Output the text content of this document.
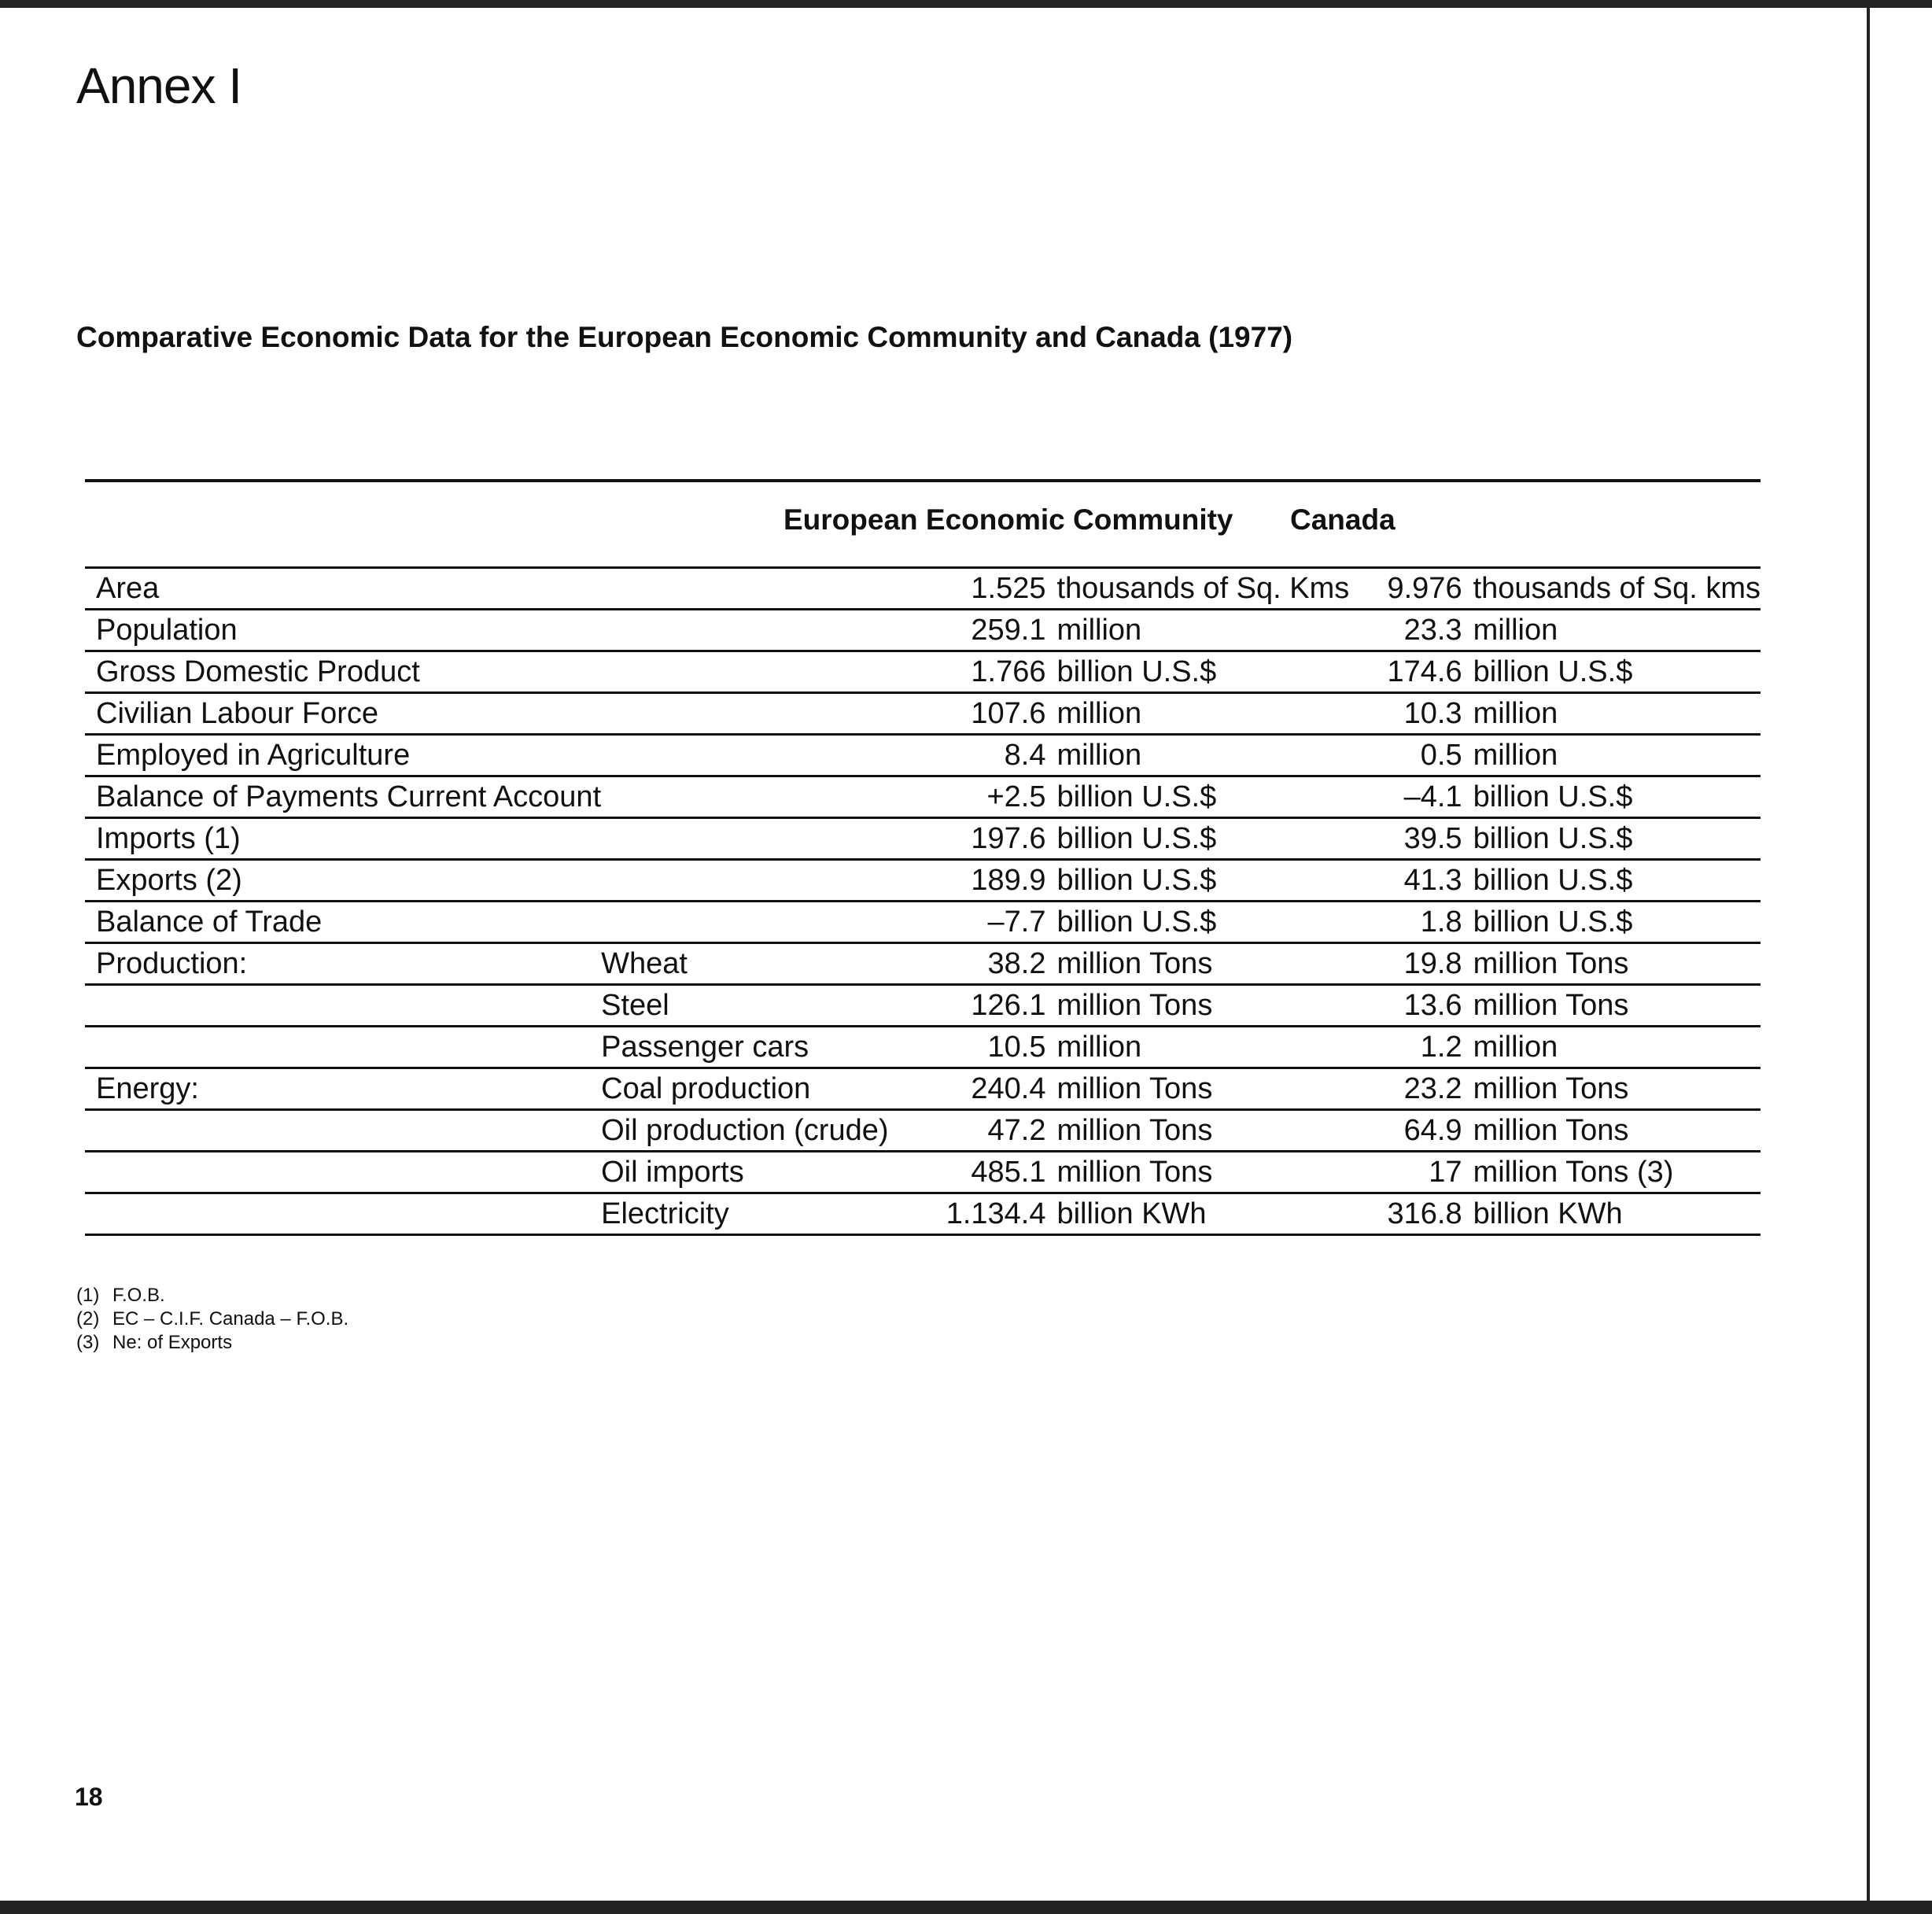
Annex I
Comparative Economic Data for the European Economic Community and Canada (1977)
European Economic Community Canada
Area		1.525	thousands of Sq. Kms	9.976	thousands of Sq. kms
Population		259.1	million	23.3	million
Gross Domestic Product		1.766	billion U.S.$	174.6	billion U.S.$
Civilian Labour Force		107.6	million	10.3	million
Employed in Agriculture		8.4	million	0.5	million
Balance of Payments Current Account		+2.5	billion U.S.$	–4.1	billion U.S.$
Imports (1)		197.6	billion U.S.$	39.5	billion U.S.$
Exports (2)		189.9	billion U.S.$	41.3	billion U.S.$
Balance of Trade		–7.7	billion U.S.$	1.8	billion U.S.$
Production:	Wheat	38.2	million Tons	19.8	million Tons
	Steel	126.1	million Tons	13.6	million Tons
	Passenger cars	10.5	million	1.2	million
Energy:	Coal production	240.4	million Tons	23.2	million Tons
	Oil production (crude)	47.2	million Tons	64.9	million Tons
	Oil imports	485.1	million Tons	17	million Tons (3)
	Electricity	1.134.4	billion KWh	316.8	billion KWh
(1) F.O.B.
(2) EC – C.I.F. Canada – F.O.B.
(3) Ne: of Exports
18
